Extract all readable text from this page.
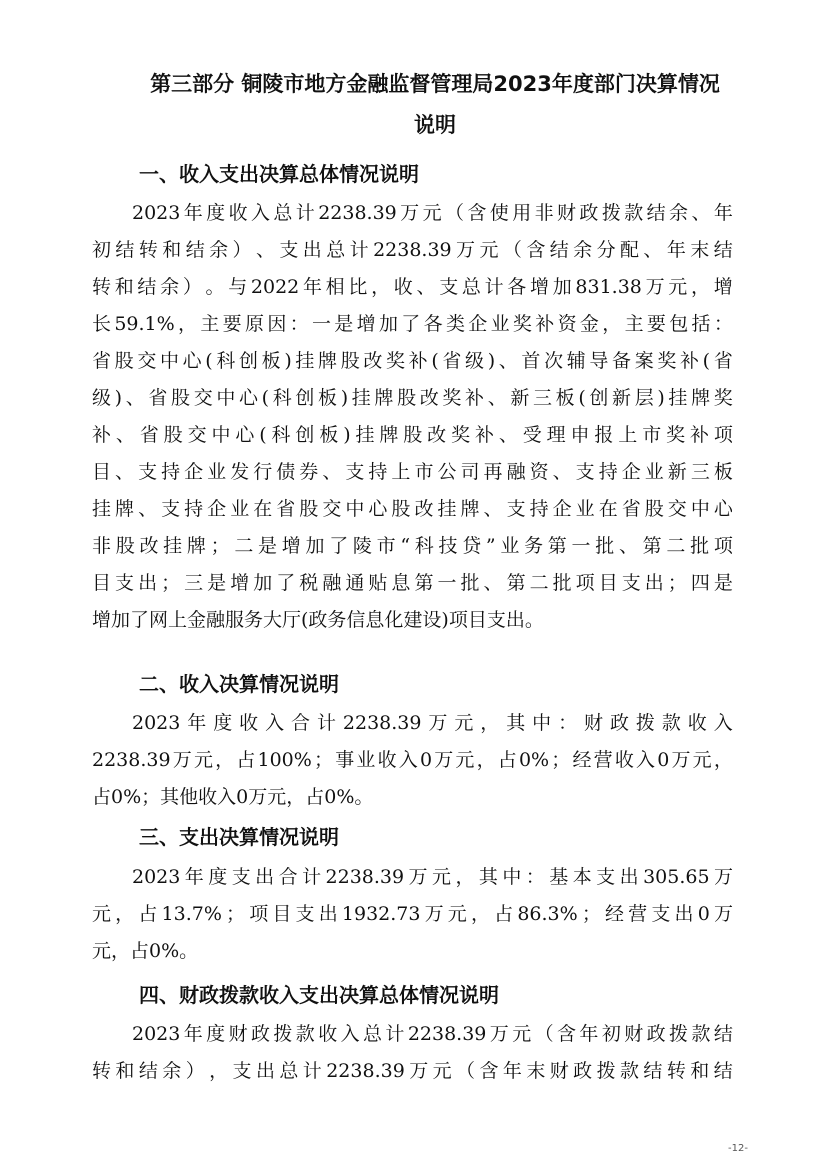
第三部分 铜陵市地方金融监督管理局2023年度部门决算情况
说明
一、收入支出决算总体情况说明

2023 年 度 收 入 总 计 2238.39 万 元 （ 含 使 用 非 财 政 拨 款 结 余 、 年

初 结 转 和 结 余 ） 、 支 出 总 计 2238.39 万 元 （ 含 结 余 分 配 、 年 末 结

转 和 结 余 ） 。 与 2022 年 相 比 ， 收 、 支 总 计 各 增 加 831.38 万 元 ， 增

长 59.1% ， 主 要 原 因 ： 一 是 增 加 了 各 类 企 业 奖 补 资 金 ， 主 要 包 括 ：

省 股 交 中 心 ( 科 创 板 ) 挂 牌 股 改 奖 补 ( 省 级 ) 、 首 次 辅 导 备 案 奖 补 ( 省

级 ) 、 省 股 交 中 心 ( 科 创 板 ) 挂 牌 股 改 奖 补 、 新 三 板 ( 创 新 层 ) 挂 牌 奖

补 、 省 股 交 中 心 ( 科 创 板 ) 挂 牌 股 改 奖 补 、 受 理 申 报 上 市 奖 补 项

目 、 支 持 企 业 发 行 债 券 、 支 持 上 市 公 司 再 融 资 、 支 持 企 业 新 三 板

挂 牌 、 支 持 企 业 在 省 股 交 中 心 股 改 挂 牌 、 支 持 企 业 在 省 股 交 中 心

非 股 改 挂 牌 ； 二 是 增 加 了 陵 市 “ 科 技 贷 ” 业 务 第 一 批 、 第 二 批 项

目 支 出 ； 三 是 增 加 了 税 融 通 贴 息 第 一 批 、 第 二 批 项 目 支 出 ； 四 是

增加了网上金融服务大厅(政务信息化建设)项目支出。

二、收入决算情况说明

2023 年 度 收 入 合 计 2238.39 万 元 ， 其 中 ： 财 政 拨 款 收 入

2238.39 万 元 ， 占 100% ； 事 业 收 入 0 万 元 ， 占 0% ； 经 营 收 入 0 万 元 ，

占0%；其他收入0万元，占0%。

三、支出决算情况说明

2023 年 度 支 出 合 计 2238.39 万 元 ， 其 中 ： 基 本 支 出 305.65 万

元 ， 占 13.7% ； 项 目 支 出 1932.73 万 元 ， 占 86.3% ； 经 营 支 出 0 万

元，占0%。

四、财政拨款收入支出决算总体情况说明

2023 年 度 财 政 拨 款 收 入 总 计 2238.39 万 元 （ 含 年 初 财 政 拨 款 结

转 和 结 余 ） ， 支 出 总 计 2238.39 万 元 （ 含 年 末 财 政 拨 款 结 转 和 结

-12-
